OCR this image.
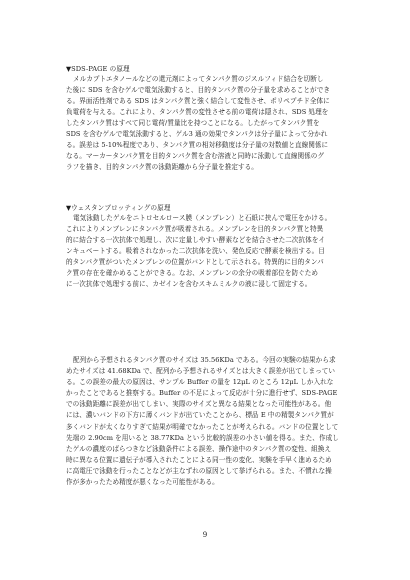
▼SDS-PAGE の原理
メルカプトエタノールなどの還元剤によってタンパク質のジスルフィド結合を切断し
た後に SDS を含むゲルで電気泳動すると、目的タンパク質の分子量を求めることができ
る。界面活性剤である SDS はタンパク質と強く結合して変性させ、ポリペプチド全体に
負電荷を与える。これにより、タンパク質の変性させる前の電荷は隠され、SDS 処理を
したタンパク質はすべて同じ電荷/質量比を持つことになる。したがってタンパク質を
SDS を含むゲルで電気泳動すると、ゲル3 通の効果でタンパクは分子量によって分かれ
る。誤差は 5-10%程度であり、タンパク質の相対移動度は分子量の対数値と直線関係に
なる。マーカータンパク質を目的タンパク質を含む溶液と同時に泳動して直線関係のグ
ラフを描き、目的タンパク質の泳動距離から分子量を推定する。
▼ウェスタンブロッティングの原理
電気泳動したゲルをニトロセルロース膜（メンブレン）と石紙に挟んで電圧をかける。
これによりメンブレンにタンパク質が吸着される。メンブレンを目的タンパク質と特異
的に結合する一次抗体で処理し、次に定量しやすい酵素などを結合させた二次抗体をイ
ンキュベートする。吸着されなかった二次抗体を洗い、発色反応で酵素を検出する。目
的タンパク質がついたメンブレンの位置がバンドとして示される。特異的に目的タンパ
ク質の存在を確かめることができる。なお、メンブレンの余分の吸着部位を防ぐため
に一次抗体で処理する前に、カゼインを含むスキムミルクの液に浸して固定する。
配列から予想されるタンパク質のサイズは 35.56KDa である。今回の実験の結果から求
めたサイズは 41.68KDa で、配列から予想されるサイズとは大きく誤差が出てしまってい
る。この誤差の最大の原因は、サンプル Buffer の量を 12μL のところ 12μL しか入れな
かったことであると推察する。Buffer の不足によって反応が十分に進行せず、SDS-PAGE
での泳動距離に誤差が出てしまい、実際のサイズと異なる結果となった可能性がある。他
には、濃いバンドの下方に薄くバンドが出ていたことから、標品 E 中の精製タンパク質が
多くバンドが太くなりすぎて結果が明確でなかったことが考えられる。バンドの位置として
先端の 2.90cm を用いると 38.77KDa という比較的誤差の小さい値を得る。また、作成し
たゲルの濃度のばらつきなど泳動条件による誤差、操作途中のタンパク質の変性、組換え
時に異なる位置に遺伝子が導入されたことによる同一性の変化、実験を手早く進めるため
に高電圧で泳動を行ったことなどが主なずれの原因として挙げられる。また、不慣れな操
作が多かったため精度が悪くなった可能性がある。
9
